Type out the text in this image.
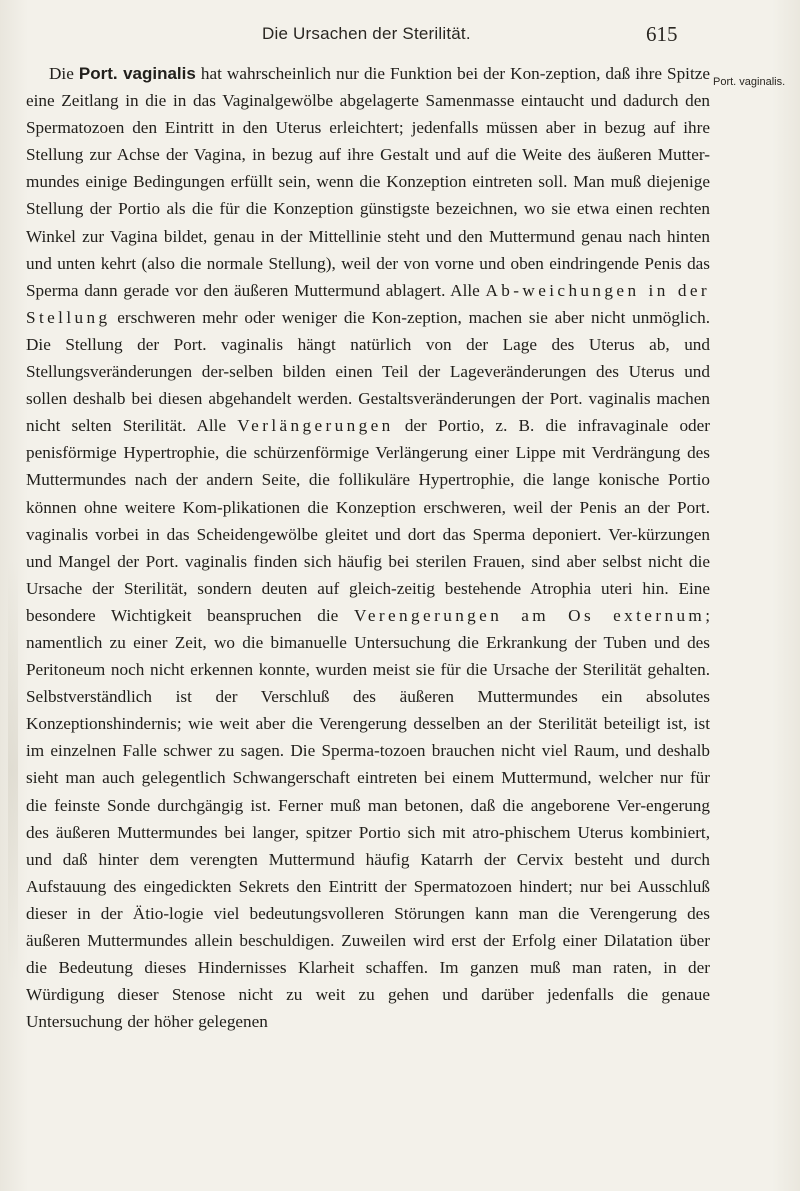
Die Ursachen der Sterilität.	615
Port. vaginalis.

Die Port. vaginalis hat wahrscheinlich nur die Funktion bei der Kon-zeption, daß ihre Spitze eine Zeitlang in die in das Vaginalgewölbe abgelagerte Samenmasse eintaucht und dadurch den Spermatozoen den Eintritt in den Uterus erleichtert; jedenfalls müssen aber in bezug auf ihre Stellung zur Achse der Vagina, in bezug auf ihre Gestalt und auf die Weite des äußeren Mutter-mundes einige Bedingungen erfüllt sein, wenn die Konzeption eintreten soll. Man muß diejenige Stellung der Portio als die für die Konzeption günstigste bezeichnen, wo sie etwa einen rechten Winkel zur Vagina bildet, genau in der Mittellinie steht und den Muttermund genau nach hinten und unten kehrt (also die normale Stellung), weil der von vorne und oben eindringende Penis das Sperma dann gerade vor den äußeren Muttermund ablagert. Alle Ab-weichungen in der Stellung erschweren mehr oder weniger die Kon-zeption, machen sie aber nicht unmöglich. Die Stellung der Port. vaginalis hängt natürlich von der Lage des Uterus ab, und Stellungsveränderungen der-selben bilden einen Teil der Lageveränderungen des Uterus und sollen deshalb bei diesen abgehandelt werden. Gestaltsveränderungen der Port. vaginalis machen nicht selten Sterilität. Alle Verlängerungen der Portio, z. B. die infravaginale oder penisförmige Hypertrophie, die schürzenförmige Verlängerung einer Lippe mit Verdrängung des Muttermundes nach der andern Seite, die follikuläre Hypertrophie, die lange konische Portio können ohne weitere Kom-plikationen die Konzeption erschweren, weil der Penis an der Port. vaginalis vorbei in das Scheidengewölbe gleitet und dort das Sperma deponiert. Ver-kürzungen und Mangel der Port. vaginalis finden sich häufig bei sterilen Frauen, sind aber selbst nicht die Ursache der Sterilität, sondern deuten auf gleich-zeitig bestehende Atrophia uteri hin. Eine besondere Wichtigkeit beanspruchen die Verengerungen am Os externum; namentlich zu einer Zeit, wo die bimanuelle Untersuchung die Erkrankung der Tuben und des Peritoneum noch nicht erkennen konnte, wurden meist sie für die Ursache der Sterilität gehalten. Selbstverständlich ist der Verschluß des äußeren Muttermundes ein absolutes Konzeptionshindernis; wie weit aber die Verengerung desselben an der Sterilität beteiligt ist, ist im einzelnen Falle schwer zu sagen. Die Sperma-tozoen brauchen nicht viel Raum, und deshalb sieht man auch gelegentlich Schwangerschaft eintreten bei einem Muttermund, welcher nur für die feinste Sonde durchgängig ist. Ferner muß man betonen, daß die angeborene Ver-engerung des äußeren Muttermundes bei langer, spitzer Portio sich mit atro-phischem Uterus kombiniert, und daß hinter dem verengten Muttermund häufig Katarrh der Cervix besteht und durch Aufstauung des eingedickten Sekrets den Eintritt der Spermatozoen hindert; nur bei Ausschluß dieser in der Ätio-logie viel bedeutungsvolleren Störungen kann man die Verengerung des äußeren Muttermundes allein beschuldigen. Zuweilen wird erst der Erfolg einer Dilatation über die Bedeutung dieses Hindernisses Klarheit schaffen. Im ganzen muß man raten, in der Würdigung dieser Stenose nicht zu weit zu gehen und darüber jedenfalls die genaue Untersuchung der höher gelegenen
